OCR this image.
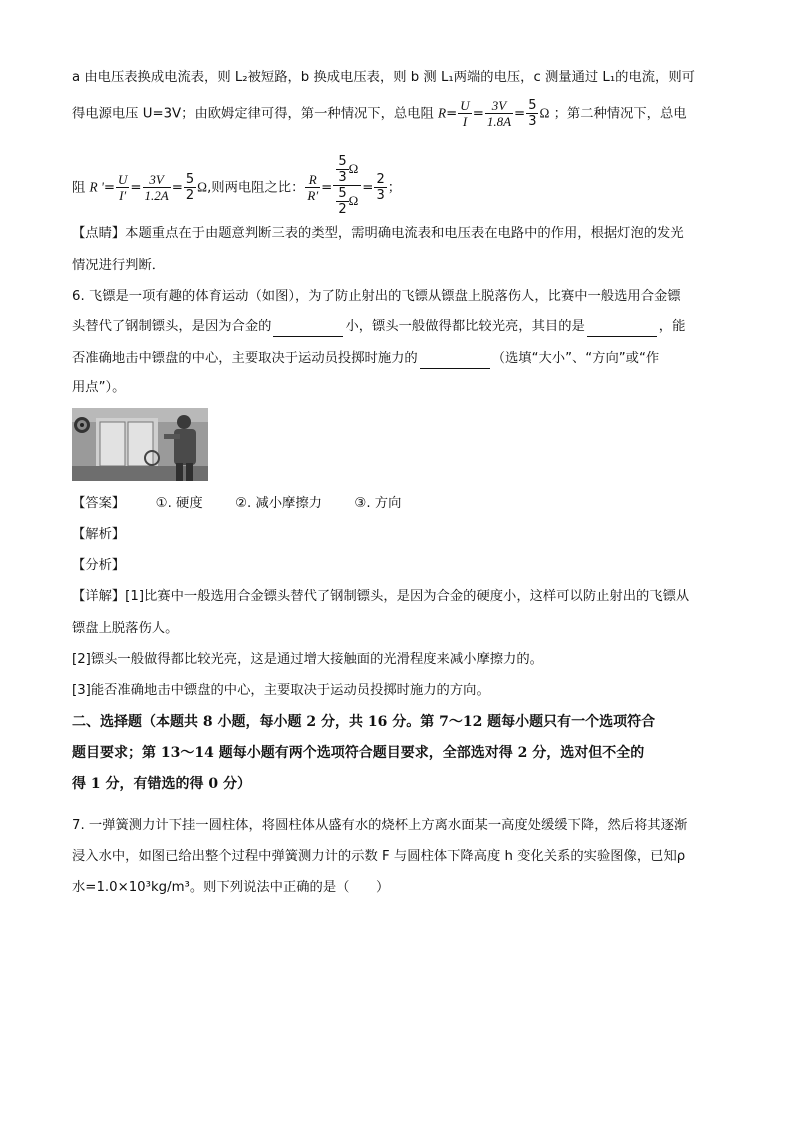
a 由电压表换成电流表，则 L₂被短路，b 换成电压表，则 b 测 L₁两端的电压，c 测量通过 L₁的电流，则可
得电源电压 U=3V；由欧姆定律可得，第一种情况下，总电阻 $R= \frac{U}{I} = \frac{3V}{1.8A} = \frac{5}{3}$ Ω ；第二种情况下，总电
阻 R '= $\frac{U}{I'} = \frac{3V}{1.2A} = \frac{5}{2} \Omega$,则两电阻之比： $\frac{R}{R'} = \frac{\frac{5}{3} \Omega}{\frac{5}{2} \Omega} = \frac{2}{3}$ ；
【点睛】本题重点在于由题意判断三表的类型，需明确电流表和电压表在电路中的作用，根据灯泡的发光
情况进行判断．
6. 飞镖是一项有趣的体育运动（如图），为了防止射出的飞镖从镖盘上脱落伤人，比赛中一般选用合金镖
头替代了钢制镖头，是因为合金的	小，镖头一般做得都比较光亮，其目的是	，能
否准确地击中镖盘的中心，主要取决于运动员投掷时施力的	（选填“大小”、“方向”或“作
用点”）。
【答案】 ①. 硬度 ②. 减小摩擦力 ③. 方向
【解析】
【分析】
【详解】[1]比赛中一般选用合金镖头替代了钢制镖头，是因为合金的硬度小，这样可以防止射出的飞镖从
镖盘上脱落伤人。
[2]镖头一般做得都比较光亮，这是通过增大接触面的光滑程度来减小摩擦力的。
[3]能否准确地击中镖盘的中心，主要取决于运动员投掷时施力的方向。
二、选择题（本题共 8 小题，每小题 2 分，共 16 分。第 7～12 题每小题只有一个选项符合
题目要求；第 13～14 题每小题有两个选项符合题目要求，全部选对得 2 分，选对但不全的
得 1 分，有错选的得 0 分）
7. 一弹簧测力计下挂一圆柱体，将圆柱体从盛有水的烧杯上方离水面某一高度处缓缓下降，然后将其逐渐
浸入水中，如图已给出整个过程中弹簧测力计的示数 F 与圆柱体下降高度 h 变化关系的实验图像，已知ρ
水=1.0×10³kg/m³。则下列说法中正确的是（　　）
